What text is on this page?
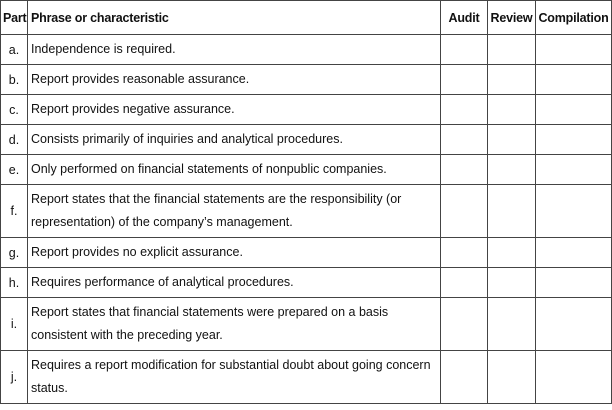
Part	Phrase or characteristic	Audit	Review	Compilation
a.	Independence is required.			
b.	Report provides reasonable assurance.			
c.	Report provides negative assurance.			
d.	Consists primarily of inquiries and analytical procedures.			
e.	Only performed on financial statements of nonpublic companies.			
f.	Report states that the financial statements are the responsibility (or representation) of the company’s management.			
g.	Report provides no explicit assurance.			
h.	Requires performance of analytical procedures.			
i.	Report states that financial statements were prepared on a basis consistent with the preceding year.			
j.	Requires a report modification for substantial doubt about going concern status.			
